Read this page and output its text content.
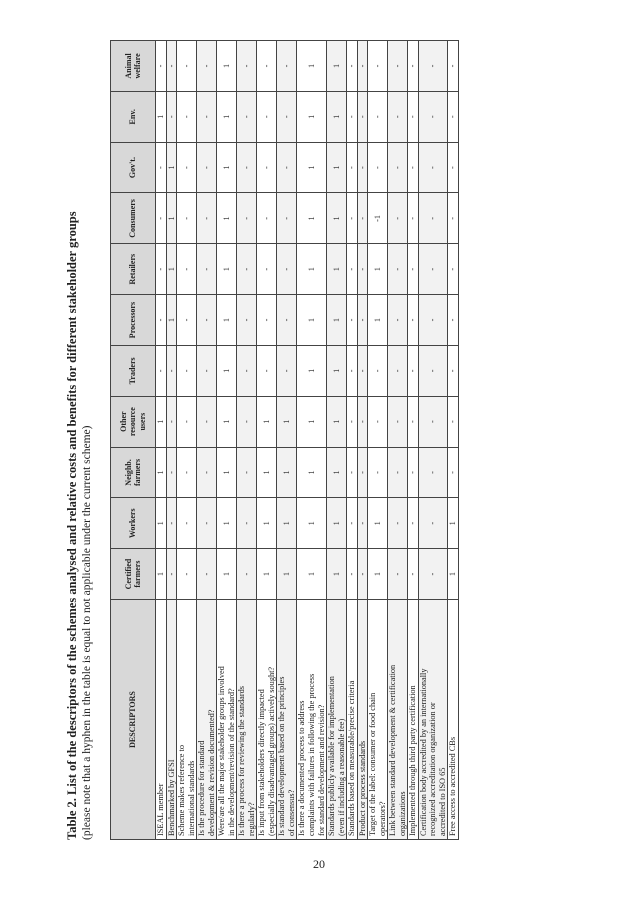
Table 2. List of the descriptors of the schemes analysed and relative costs and benefits for different stakeholder groups (please note that a hyphen in the table is equal to not applicable under the current scheme)	DESCRIPTORS	Certified
farmers	Workers	Neighb.
farmers	Other
resource
users	Traders	Processors	Retailers	Consumers	Gov't.	Env.	Animal
welfare
ISEAL member	1	1	1	1	-	-	-	-	-	1	-
Benchmarked by GFSI	-	-	-	-	-	1	1	1	1	-	-
Scheme makes reference to
international standards	-	-	-	-	-	-	-	-	-	-	-
Is the procedure for standard
development & revision documented?	-	-	-	-	-	-	-	-	-	-	-
Were/are all the major stakeholder groups involved
in the development/revision of the standard?	1	1	1	1	1	1	1	1	1	1	1
Is there a process for reviewing the standards
regularly?	-	-	-	-	-	-	-	-	-	-	-
Is input from stakeholders directly impacted
(especially disadvantaged groups) actively sought?	1	1	1	1	-	-	-	-	-	-	-
Is standard development based on the principles
of consensus?	1	1	1	1	-	-	-	-	-	-	-
Is there a documented process to address
complaints with failures in following the process
for standard development and revision?	1	1	1	1	1	1	1	1	1	1	1
Standards publicly available for implementation
(even if including a reasonable fee)	1	1	1	1	1	1	1	1	1	1	1
Standards based on measurable/precise criteria	-	-	-	-	-	-	-	-	-	-	-
Product or process standards	-	-	-	-	-	-	-	-	-	-	-
Target of the label: consumer or food chain
operators?	1	1	-	-	-	1	1	-1	-	-	-
Link between standard development & certification
organizations	-	-	-	-	-	-	-	-	-	-	-
Implemented through third party certification	-	-	-	-	-	-	-	-	-	-	-
Certification body accredited by an internationally
recognized accreditation organization or
accredited to ISO 65	-	-	-	-	-	-	-	-	-	-	-
Free access to accredited CBs	1	1	-	-	-	-	-	-	-	-	-
20
